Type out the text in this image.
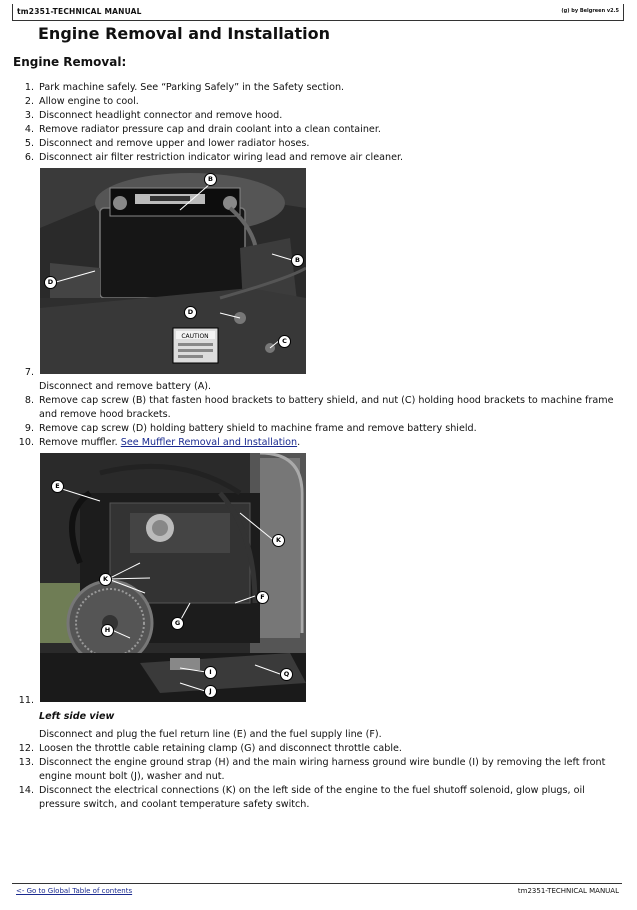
tm2351-TECHNICAL MANUAL	(g) by Belgreen v2.5
Engine Removal and Installation
Engine Removal:
1. Park machine safely. See “Parking Safely” in the Safety section.
2. Allow engine to cool.
3. Disconnect headlight connector and remove hood.
4. Remove radiator pressure cap and drain coolant into a clean container.
5. Disconnect and remove upper and lower radiator hoses.
6. Disconnect air filter restriction indicator wiring lead and remove air cleaner.
CAUTION
B
B
D
D
C
7.
Disconnect and remove battery (A).
8. Remove cap screw (B) that fasten hood brackets to battery shield, and nut (C) holding hood brackets to machine frame and remove hood brackets.
9. Remove cap screw (D) holding battery shield to machine frame and remove battery shield.
10. Remove muffler. See Muffler Removal and Installation.
E
K
K
F
G
H
I	Q
J
11.
Left side view
Disconnect and plug the fuel return line (E) and the fuel supply line (F).
12. Loosen the throttle cable retaining clamp (G) and disconnect throttle cable.
13. Disconnect the engine ground strap (H) and the main wiring harness ground wire bundle (I) by removing the left front engine mount bolt (J), washer and nut.
14. Disconnect the electrical connections (K) on the left side of the engine to the fuel shutoff solenoid, glow plugs, oil pressure switch, and coolant temperature safety switch.
<- Go to Global Table of contents	tm2351-TECHNICAL MANUAL
